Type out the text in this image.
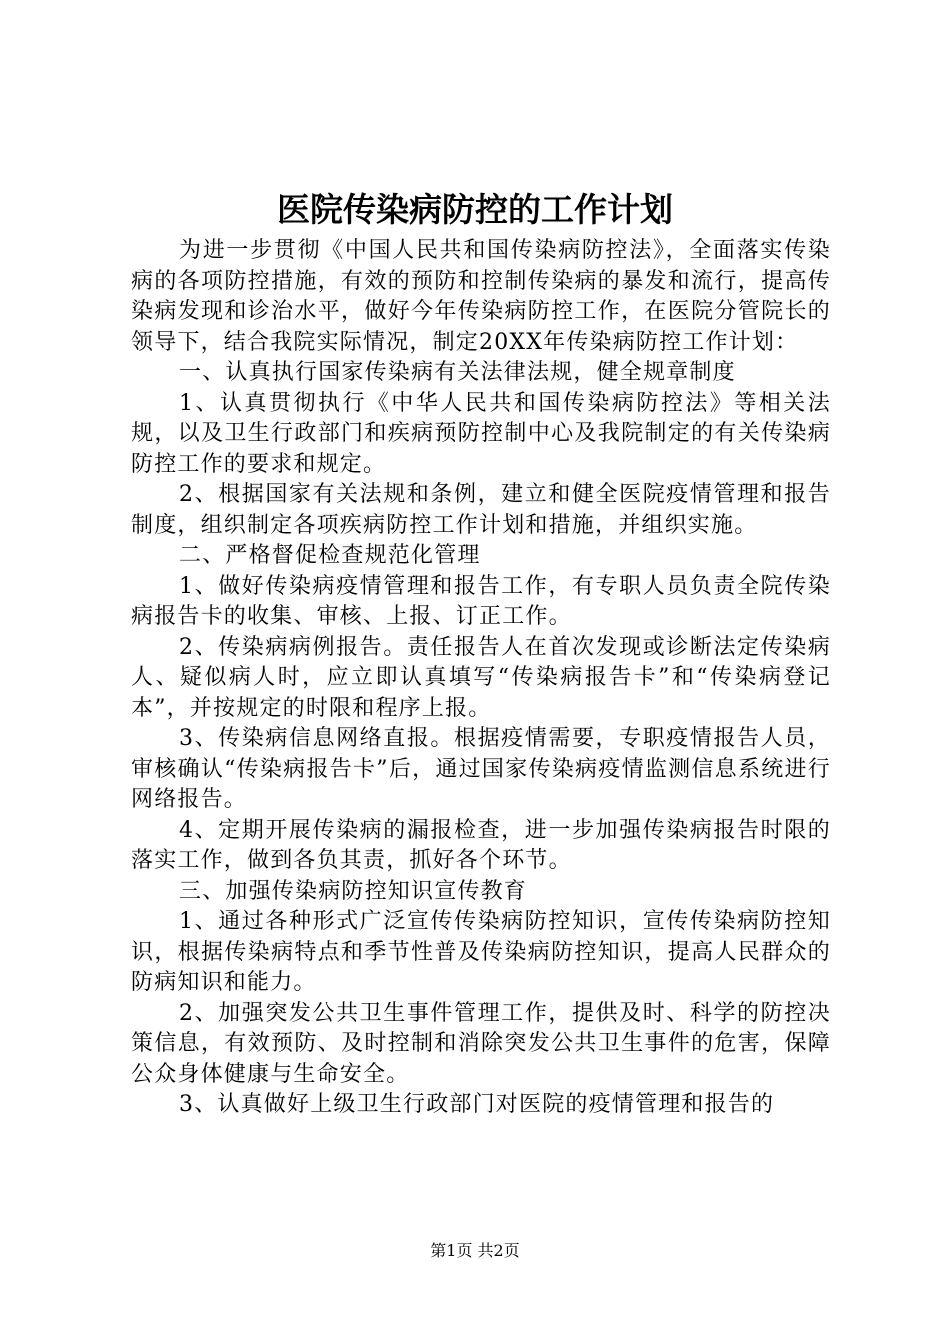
医院传染病防控的工作计划

为进一步贯彻《中国人民共和国传染病防控法》，全面落实传染病的各项防控措施，有效的预防和控制传染病的暴发和流行，提高传染病发现和诊治水平，做好今年传染病防控工作，在医院分管院长的领导下，结合我院实际情况，制定20XX年传染病防控工作计划：

一、认真执行国家传染病有关法律法规，健全规章制度

1、认真贯彻执行《中华人民共和国传染病防控法》等相关法规，以及卫生行政部门和疾病预防控制中心及我院制定的有关传染病防控工作的要求和规定。

2、根据国家有关法规和条例，建立和健全医院疫情管理和报告制度，组织制定各项疾病防控工作计划和措施，并组织实施。

二、严格督促检查规范化管理

1、做好传染病疫情管理和报告工作，有专职人员负责全院传染病报告卡的收集、审核、上报、订正工作。

2、传染病病例报告。责任报告人在首次发现或诊断法定传染病人、疑似病人时，应立即认真填写“传染病报告卡”和“传染病登记本”，并按规定的时限和程序上报。

3、传染病信息网络直报。根据疫情需要，专职疫情报告人员，审核确认“传染病报告卡”后，通过国家传染病疫情监测信息系统进行网络报告。

4、定期开展传染病的漏报检查，进一步加强传染病报告时限的落实工作，做到各负其责，抓好各个环节。

三、加强传染病防控知识宣传教育

1、通过各种形式广泛宣传传染病防控知识，宣传传染病防控知识，根据传染病特点和季节性普及传染病防控知识，提高人民群众的防病知识和能力。

2、加强突发公共卫生事件管理工作，提供及时、科学的防控决策信息，有效预防、及时控制和消除突发公共卫生事件的危害，保障公众身体健康与生命安全。

3、认真做好上级卫生行政部门对医院的疫情管理和报告的

第1页 共2页
